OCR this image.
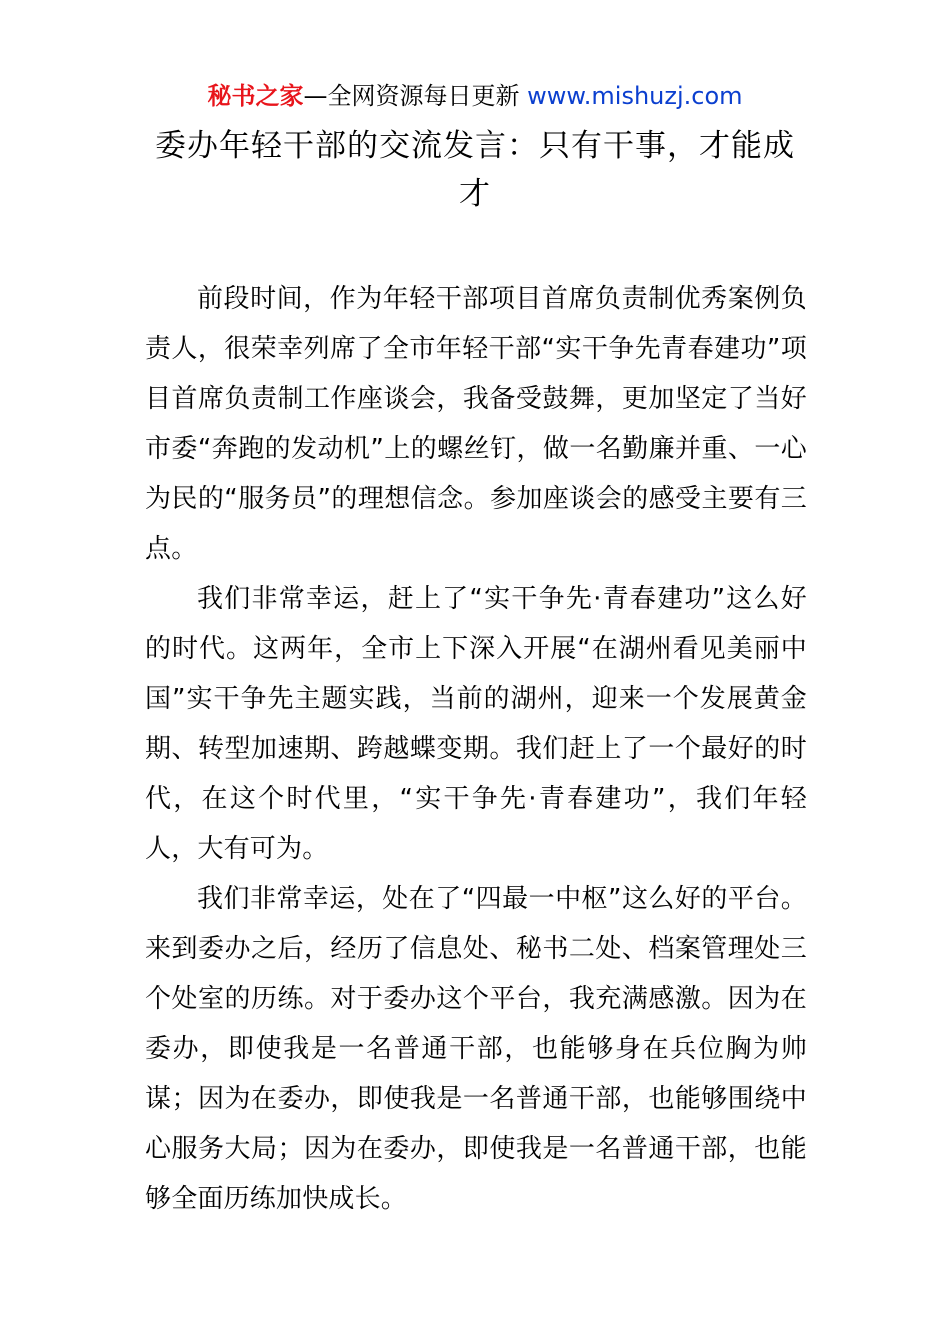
秘书之家—全网资源每日更新 www.mishuzj.com
委办年轻干部的交流发言：只有干事，才能成才

前段时间，作为年轻干部项目首席负责制优秀案例负责人，很荣幸列席了全市年轻干部“实干争先青春建功”项目首席负责制工作座谈会，我备受鼓舞，更加坚定了当好市委“奔跑的发动机”上的螺丝钉，做一名勤廉并重、一心为民的“服务员”的理想信念。参加座谈会的感受主要有三点。

我们非常幸运，赶上了“实干争先·青春建功”这么好的时代。这两年，全市上下深入开展“在湖州看见美丽中国”实干争先主题实践，当前的湖州，迎来一个发展黄金期、转型加速期、跨越蝶变期。我们赶上了一个最好的时代，在这个时代里，“实干争先·青春建功”，我们年轻人，大有可为。

我们非常幸运，处在了“四最一中枢”这么好的平台。来到委办之后，经历了信息处、秘书二处、档案管理处三个处室的历练。对于委办这个平台，我充满感激。因为在委办，即使我是一名普通干部，也能够身在兵位胸为帅谋；因为在委办，即使我是一名普通干部，也能够围绕中心服务大局；因为在委办，即使我是一名普通干部，也能够全面历练加快成长。
